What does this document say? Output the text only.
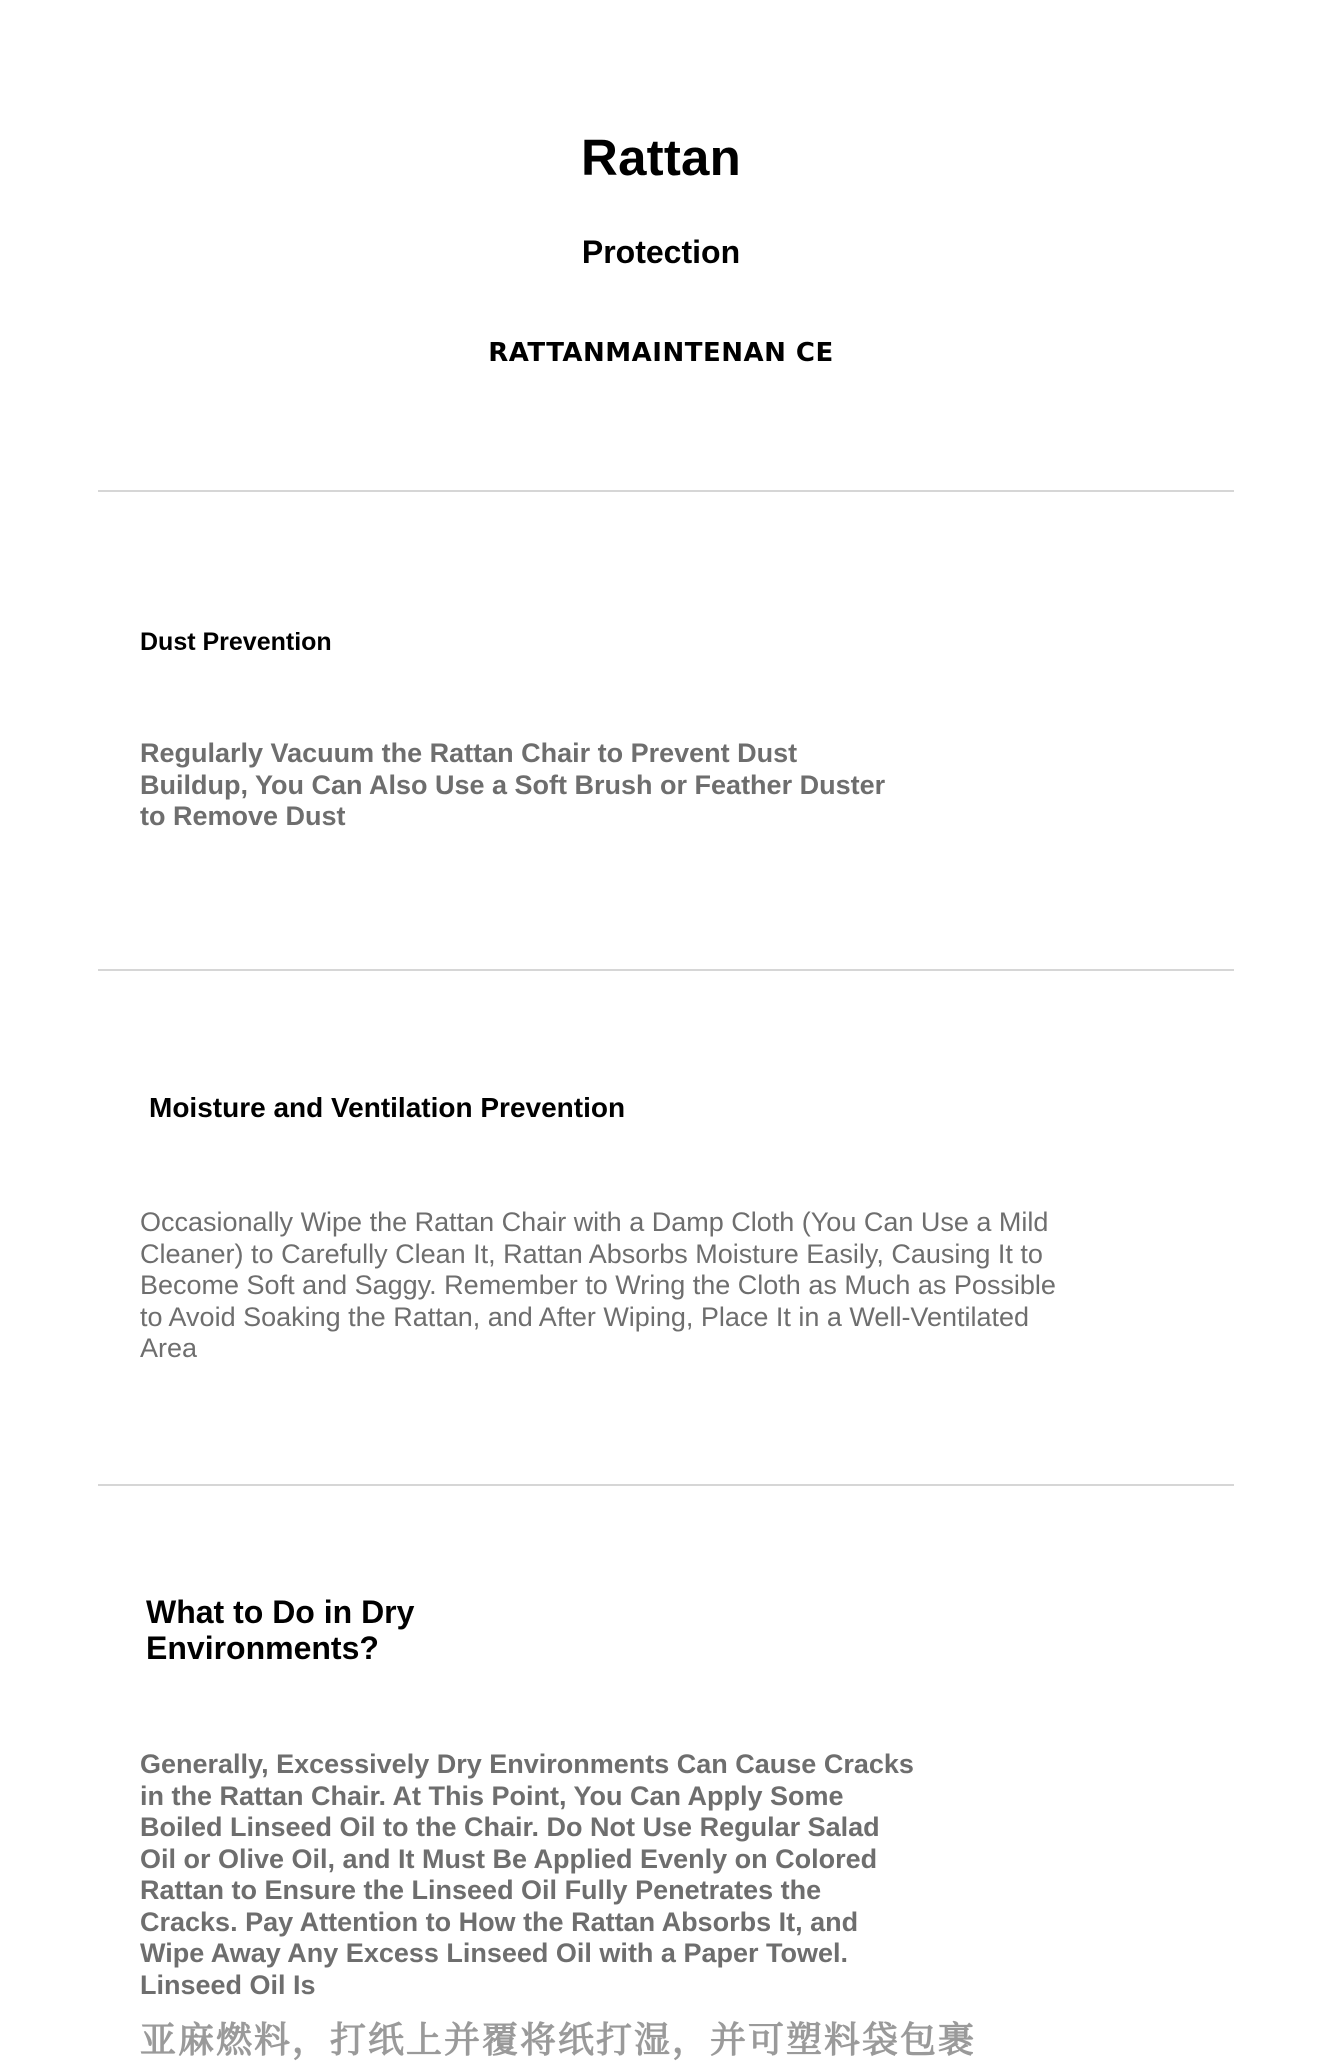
Rattan
Protection
RATTANMAINTENAN CE
Dust Prevention
Regularly Vacuum the Rattan Chair to Prevent Dust Buildup, You Can Also Use a Soft Brush or Feather Duster to Remove Dust
Moisture and Ventilation Prevention
Occasionally Wipe the Rattan Chair with a Damp Cloth (You Can Use a Mild Cleaner) to Carefully Clean It, Rattan Absorbs Moisture Easily, Causing It to Become Soft and Saggy. Remember to Wring the Cloth as Much as Possible to Avoid Soaking the Rattan, and After Wiping, Place It in a Well-Ventilated Area
What to Do in Dry Environments?
Generally, Excessively Dry Environments Can Cause Cracks in the Rattan Chair. At This Point, You Can Apply Some Boiled Linseed Oil to the Chair. Do Not Use Regular Salad Oil or Olive Oil, and It Must Be Applied Evenly on Colored Rattan to Ensure the Linseed Oil Fully Penetrates the Cracks. Pay Attention to How the Rattan Absorbs It, and Wipe Away Any Excess Linseed Oil with a Paper Towel. Linseed Oil Is
亚麻燃料，打纸上并覆将纸打湿，并可塑料袋包裹
